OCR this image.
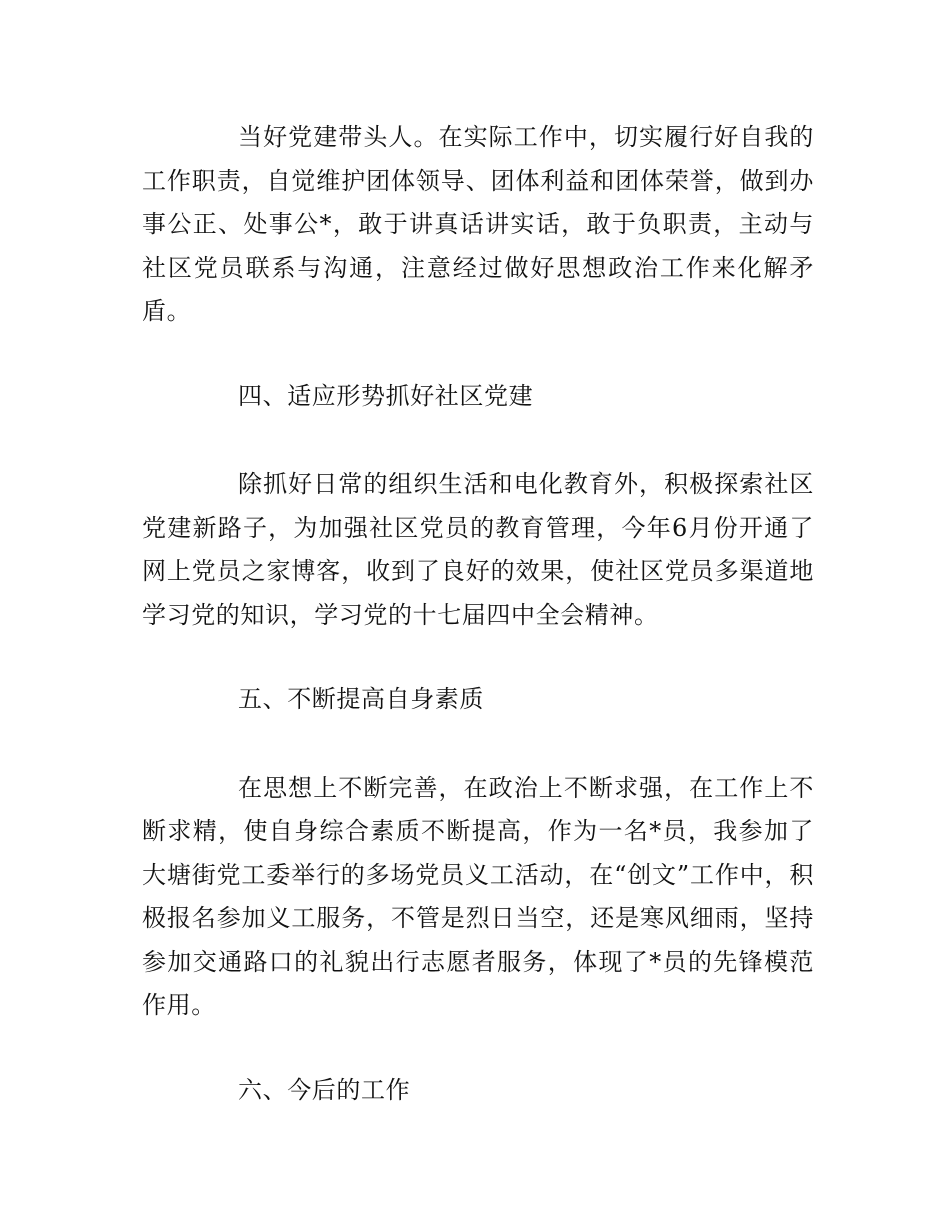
当好党建带头人。在实际工作中，切实履行好自我的工作职责，自觉维护团体领导、团体利益和团体荣誉，做到办事公正、处事公*，敢于讲真话讲实话，敢于负职责，主动与社区党员联系与沟通，注意经过做好思想政治工作来化解矛盾。

四、适应形势抓好社区党建

除抓好日常的组织生活和电化教育外，积极探索社区党建新路子，为加强社区党员的教育管理，今年6月份开通了网上党员之家博客，收到了良好的效果，使社区党员多渠道地学习党的知识，学习党的十七届四中全会精神。

五、不断提高自身素质

在思想上不断完善，在政治上不断求强，在工作上不断求精，使自身综合素质不断提高，作为一名*员，我参加了大塘街党工委举行的多场党员义工活动，在“创文”工作中，积极报名参加义工服务，不管是烈日当空，还是寒风细雨，坚持参加交通路口的礼貌出行志愿者服务，体现了*员的先锋模范作用。

六、今后的工作
